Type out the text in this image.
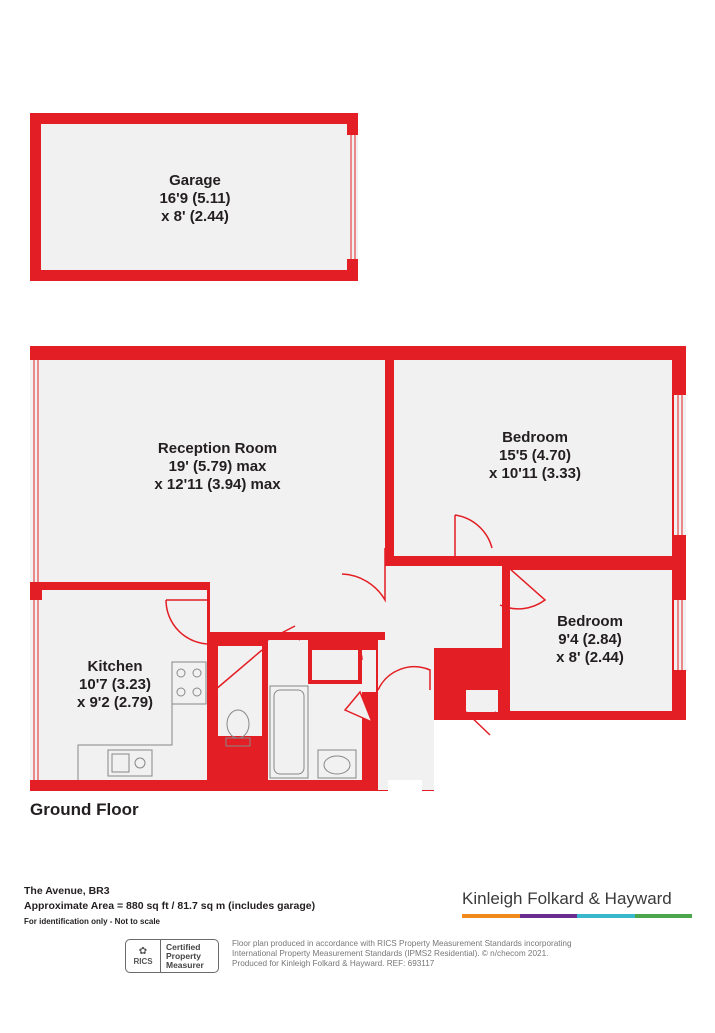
Garage
16'9 (5.11)
x 8' (2.44)
Reception Room
19' (5.79) max
x 12'11 (3.94) max
Bedroom
15'5 (4.70)
x 10'11 (3.33)
Bedroom
9'4 (2.84)
x 8' (2.44)
Kitchen
10'7 (3.23)
x 9'2 (2.79)
Ground Floor
The Avenue, BR3
Approximate Area = 880 sq ft / 81.7 sq m (includes garage)
For identification only - Not to scale
Kinleigh Folkard & Hayward
✿
RICS
Certified
Property
Measurer
Floor plan produced in accordance with RICS Property Measurement Standards incorporating
International Property Measurement Standards (IPMS2 Residential). © n/checom 2021.
Produced for Kinleigh Folkard & Hayward. REF: 693117
